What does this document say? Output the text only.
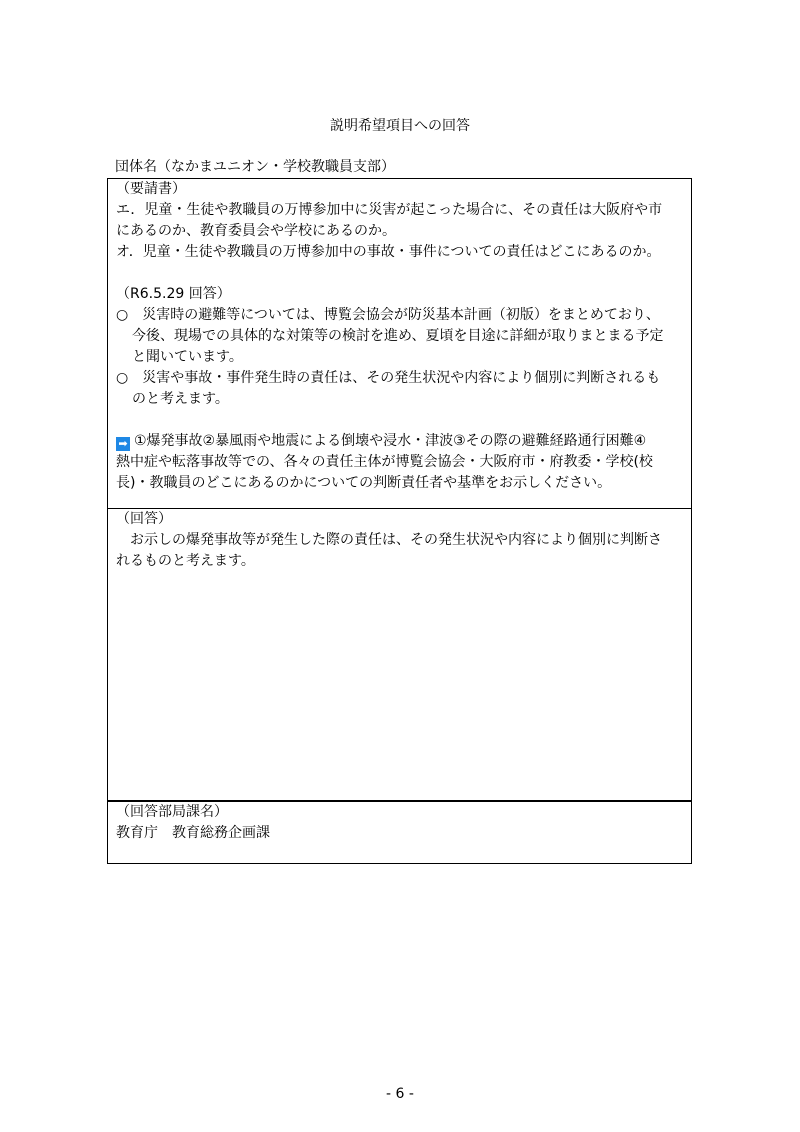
説明希望項目への回答
団体名（なかまユニオン・学校教職員支部）

（要請書）

エ．児童・生徒や教職員の万博参加中に災害が起こった場合に、その責任は大阪府や市

にあるのか、教育委員会や学校にあるのか。

オ．児童・生徒や教職員の万博参加中の事故・事件についての責任はどこにあるのか。

（R6.5.29 回答）

○　災害時の避難等については、博覧会協会が防災基本計画（初版）をまとめており、

今後、現場での具体的な対策等の検討を進め、夏頃を目途に詳細が取りまとまる予定

と聞いています。

○　災害や事故・事件発生時の責任は、その発生状況や内容により個別に判断されるも

のと考えます。

➡ ①爆発事故②暴風雨や地震による倒壊や浸水・津波③その際の避難経路通行困難④

熱中症や転落事故等での、各々の責任主体が博覧会協会・大阪府市・府教委・学校(校

長)・教職員のどこにあるのかについての判断責任者や基準をお示しください。

（回答）

　お示しの爆発事故等が発生した際の責任は、その発生状況や内容により個別に判断さ

れるものと考えます。

（回答部局課名）

教育庁　教育総務企画課

- 6 -
